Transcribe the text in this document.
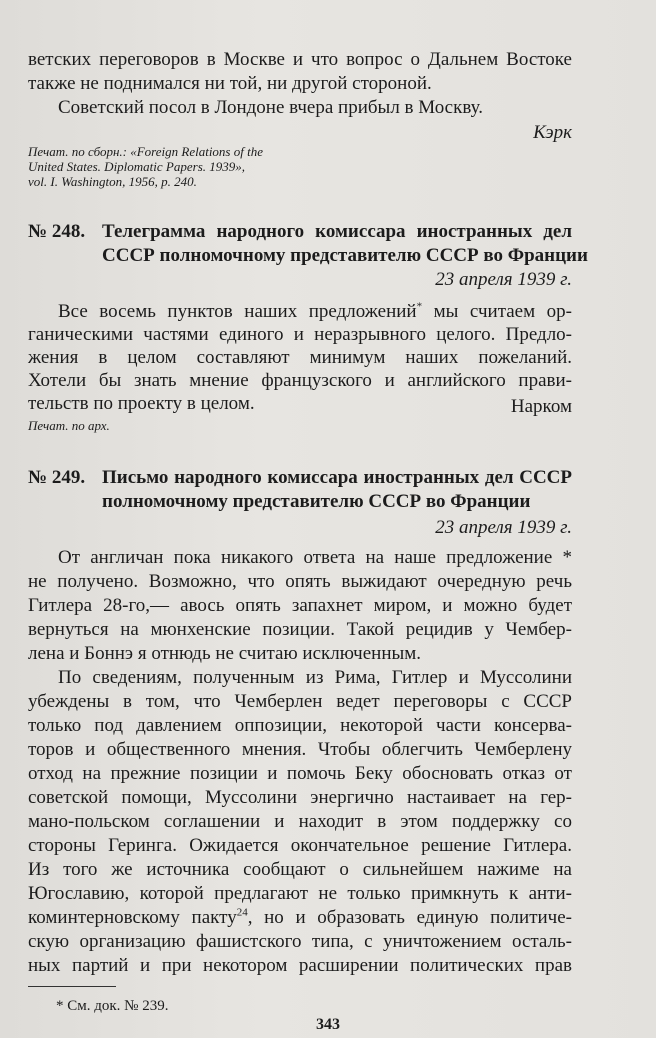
ветских переговоров в Москве и что вопрос о Дальнем Востоке
также не поднимался ни той, ни другой стороной.
Советский посол в Лондоне вчера прибыл в Москву.
Кэрк
Печат. по сборн.: «Foreign Relations of the
United States. Diplomatic Papers. 1939»,
vol. I. Washington, 1956, p. 240.
№ 248. Телеграмма народного комиссара иностранных дел
СССР полномочному представителю СССР во Франции
23 апреля 1939 г.
Все восемь пунктов наших предложений* мы считаем ор-
ганическими частями единого и неразрывного целого. Предло-
жения в целом составляют минимум наших пожеланий.
Хотели бы знать мнение французского и английского прави-
тельств по проекту в целом.	Нарком
Печат. по арх.
№ 249. Письмо народного комиссара иностранных дел СССР
полномочному представителю СССР во Франции
23 апреля 1939 г.
От англичан пока никакого ответа на наше предложение *
не получено. Возможно, что опять выжидают очередную речь
Гитлера 28-го,— авось опять запахнет миром, и можно будет
вернуться на мюнхенские позиции. Такой рецидив у Чембер-
лена и Боннэ я отнюдь не считаю исключенным.
По сведениям, полученным из Рима, Гитлер и Муссолини
убеждены в том, что Чемберлен ведет переговоры с СССР
только под давлением оппозиции, некоторой части консерва-
торов и общественного мнения. Чтобы облегчить Чемберлену
отход на прежние позиции и помочь Беку обосновать отказ от
советской помощи, Муссолини энергично настаивает на гер-
мано-польском соглашении и находит в этом поддержку со
стороны Геринга. Ожидается окончательное решение Гитлера.
Из того же источника сообщают о сильнейшем нажиме на
Югославию, которой предлагают не только примкнуть к анти-
коминтерновскому пакту$^{24}$, но и образовать единую политиче-
скую организацию фашистского типа, с уничтожением осталь-
ных партий и при некотором расширении политических прав
* См. док. № 239.
343
